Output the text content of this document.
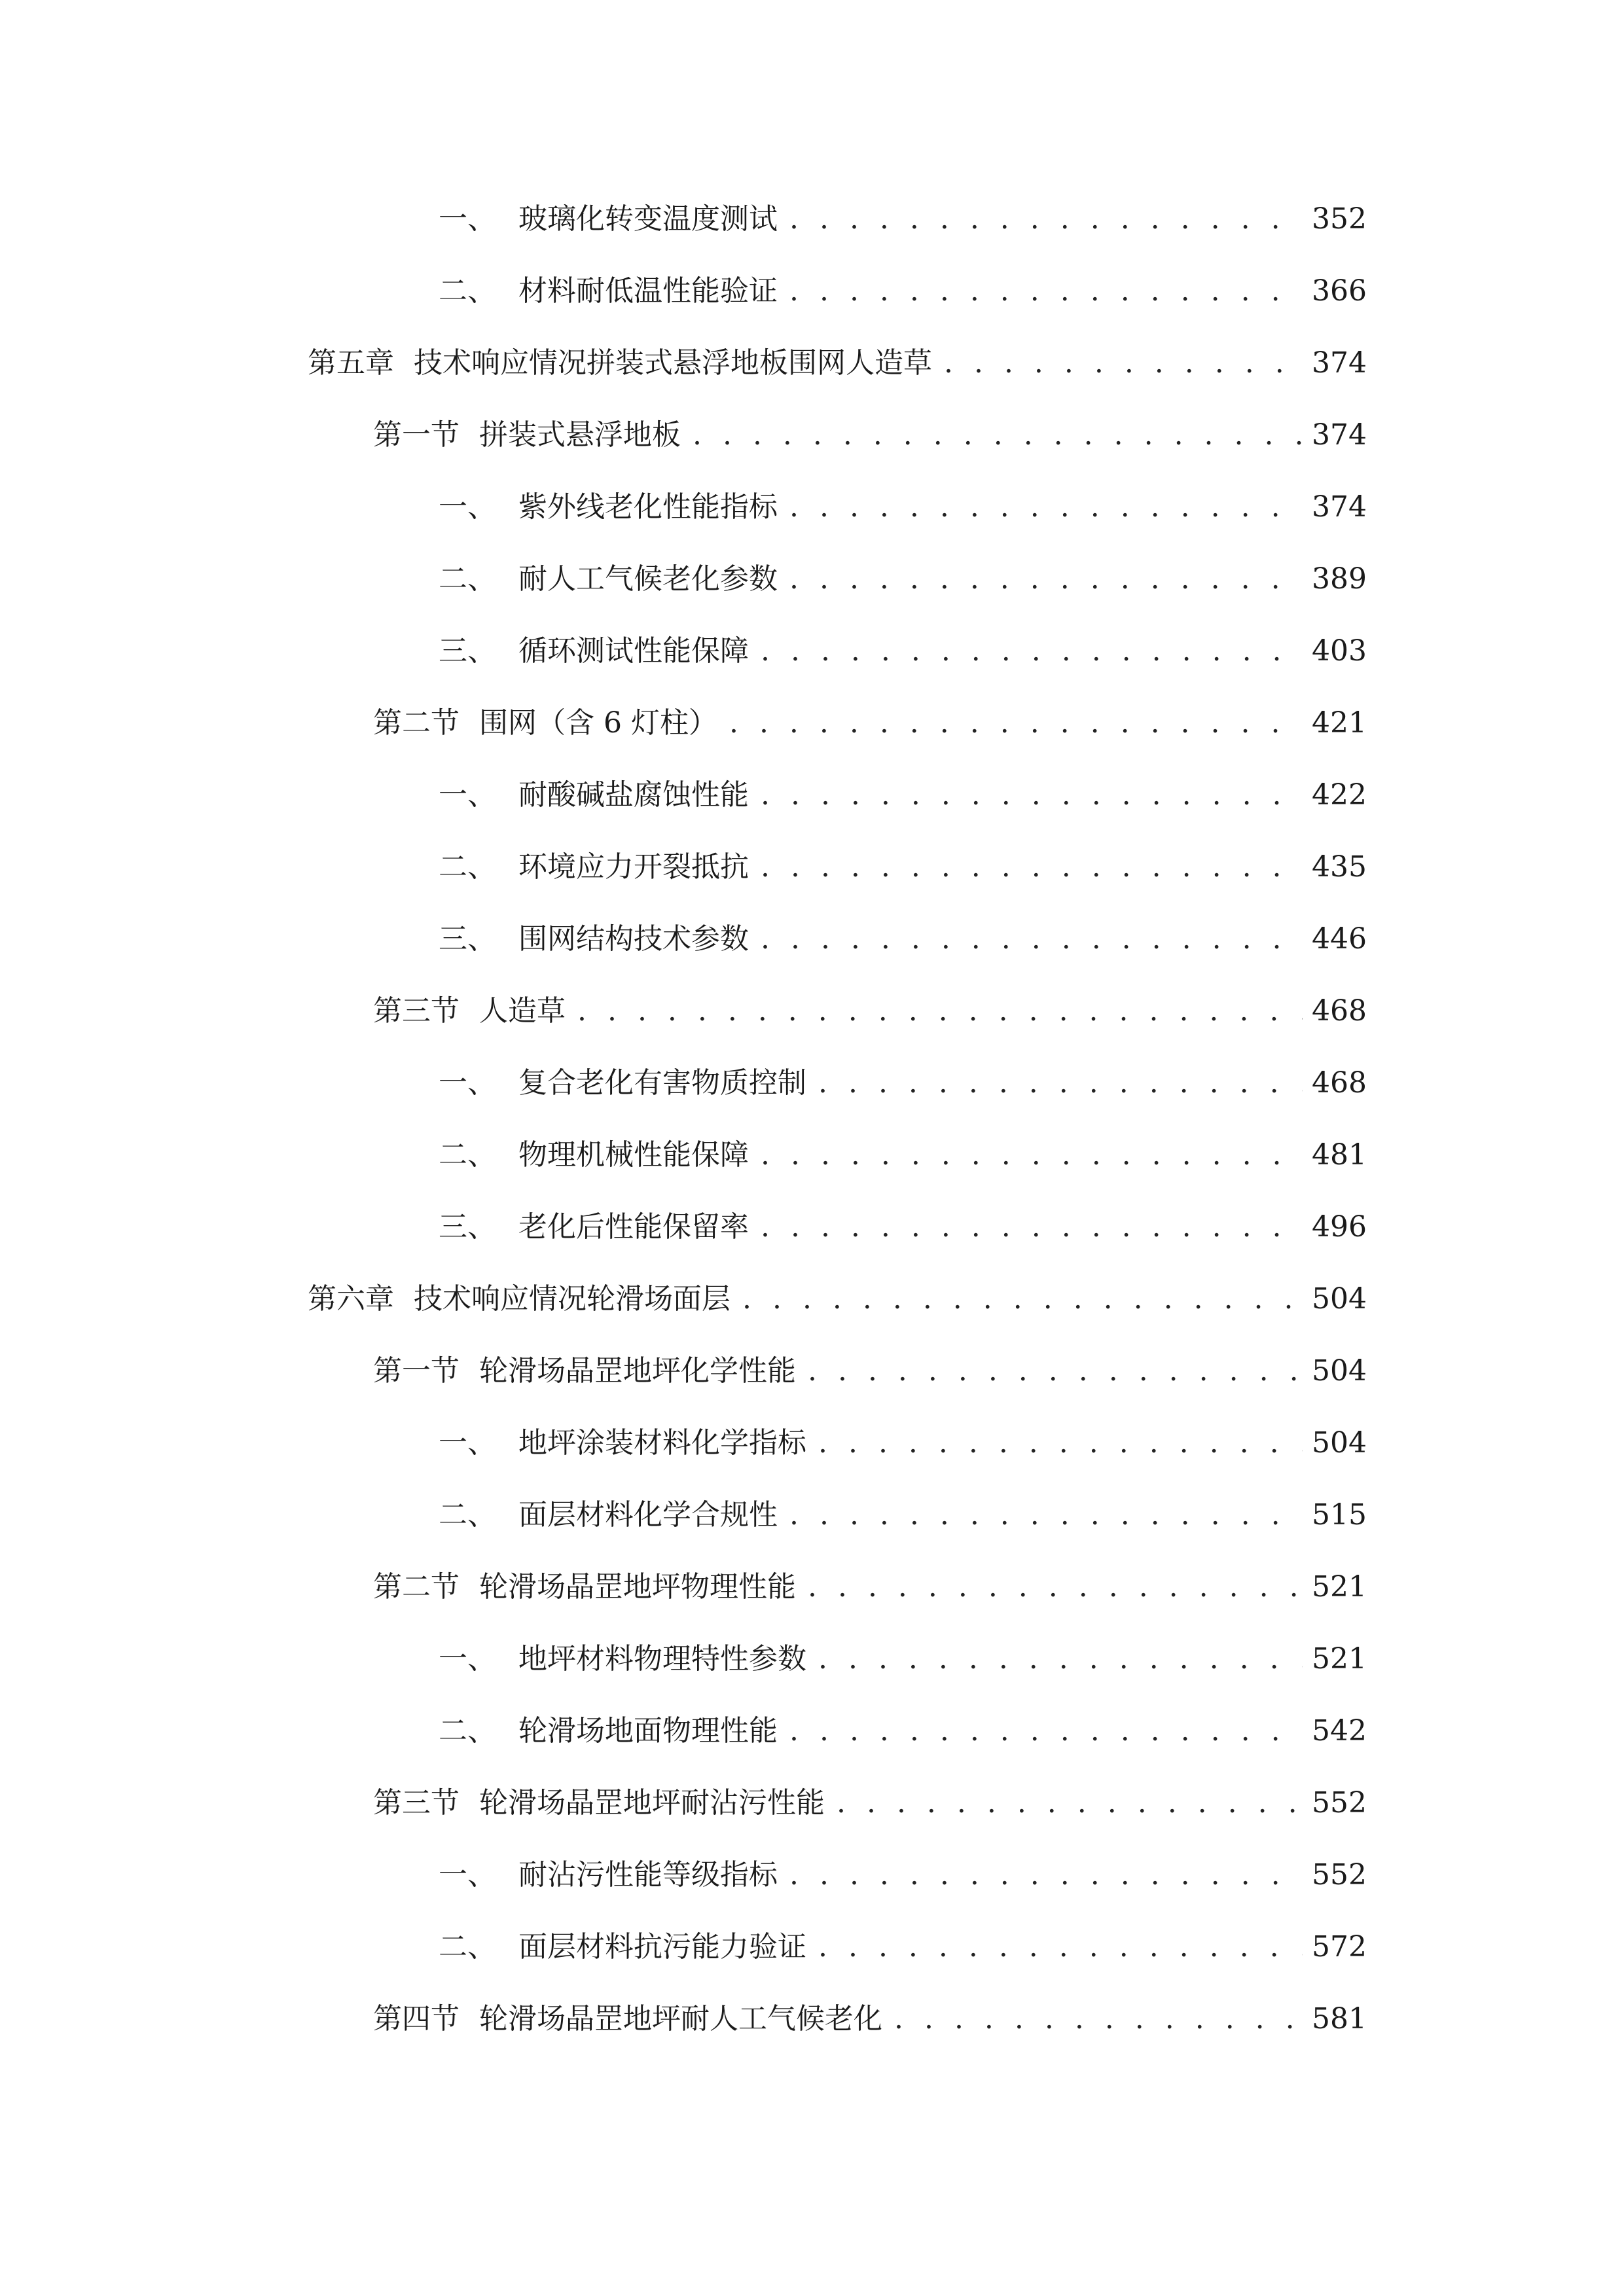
一、 玻璃化转变温度测试 . . .	352
二、 材料耐低温性能验证 . . .	366
第五章 技术响应情况拼装式悬浮地板围网人造草 . . .	374
第一节 拼装式悬浮地板 . . .	374
一、 紫外线老化性能指标 . . .	374
二、 耐人工气候老化参数 . . .	389
三、 循环测试性能保障 . . .	403
第二节 围网（含 6 灯柱） . . .	421
一、 耐酸碱盐腐蚀性能 . . .	422
二、 环境应力开裂抵抗 . . .	435
三、 围网结构技术参数 . . .	446
第三节 人造草 . . .	468
一、 复合老化有害物质控制 . . .	468
二、 物理机械性能保障 . . .	481
三、 老化后性能保留率 . . .	496
第六章 技术响应情况轮滑场面层 . . .	504
第一节 轮滑场晶罡地坪化学性能 . . .	504
一、 地坪涂装材料化学指标 . . .	504
二、 面层材料化学合规性 . . .	515
第二节 轮滑场晶罡地坪物理性能 . . .	521
一、 地坪材料物理特性参数 . . .	521
二、 轮滑场地面物理性能 . . .	542
第三节 轮滑场晶罡地坪耐沾污性能 . . .	552
一、 耐沾污性能等级指标 . . .	552
二、 面层材料抗污能力验证 . . .	572
第四节 轮滑场晶罡地坪耐人工气候老化 . . .	581
